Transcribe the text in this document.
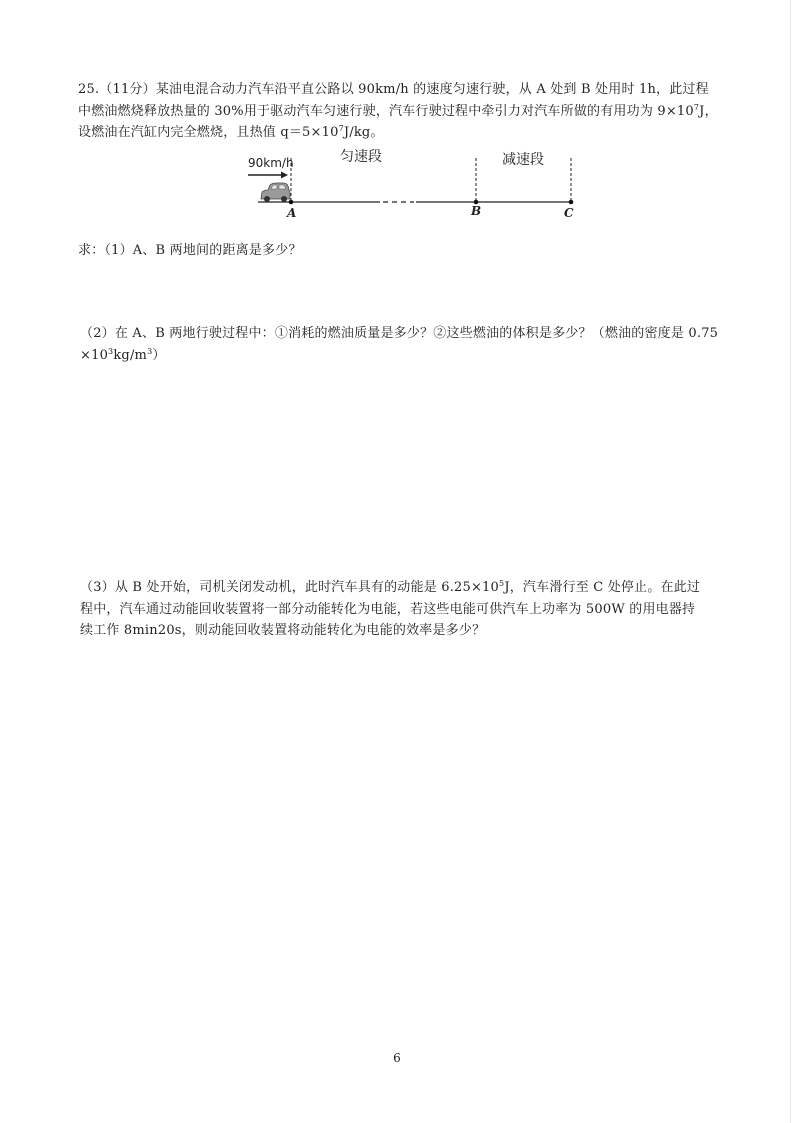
25.（11分）某油电混合动力汽车沿平直公路以 90km/h 的速度匀速行驶，从 A 处到 B 处用时 1h，此过程
中燃油燃烧释放热量的 30%用于驱动汽车匀速行驶，汽车行驶过程中牵引力对汽车所做的有用功为 $9\times 10^7J$，
设燃油在汽缸内完全燃烧，且热值 $q=5\times 10^7J/kg$。
90km/h	匀速段	减速段
A	B	C
求：（1）A、B 两地间的距离是多少？
（2）在 A、B 两地行驶过程中：①消耗的燃油质量是多少？②这些燃油的体积是多少？（燃油的密度是 0.75
$\times 10^3kg/m^3$）
（3）从 B 处开始，司机关闭发动机，此时汽车具有的动能是 $6.25\times 10^5J$，汽车滑行至 C 处停止。在此过
程中，汽车通过动能回收装置将一部分动能转化为电能，若这些电能可供汽车上功率为 500W 的用电器持
续工作 8min20s，则动能回收装置将动能转化为电能的效率是多少？
6
